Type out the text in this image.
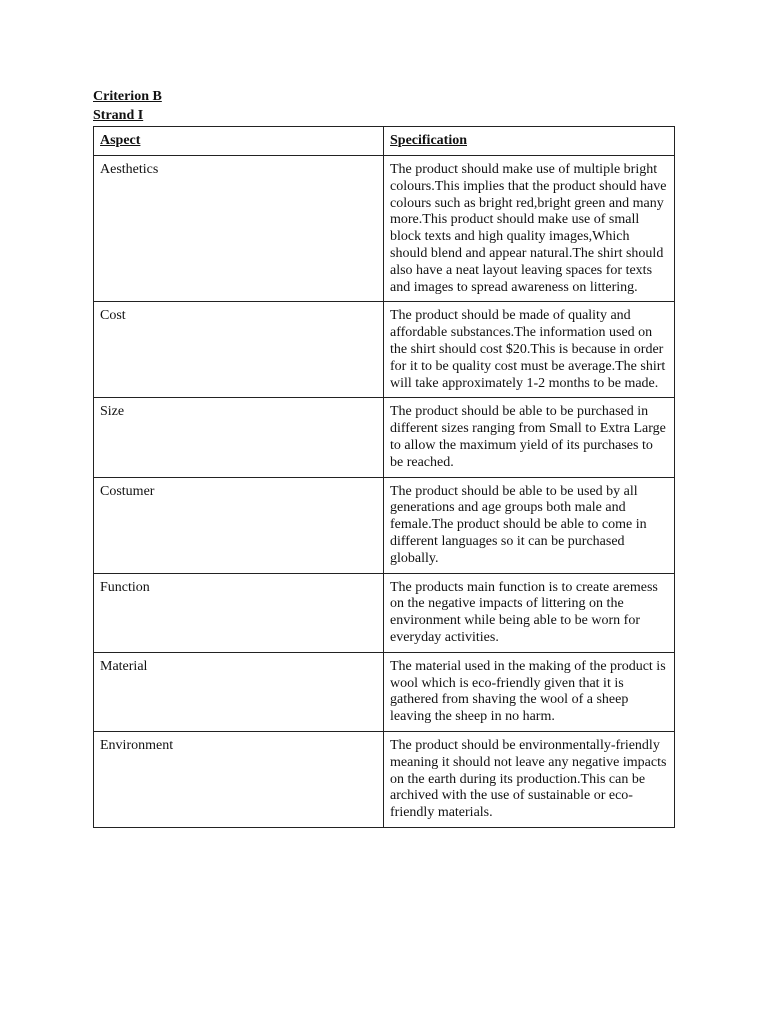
Criterion B

Strand I

Aspect	Specification
Aesthetics	The product should make use of multiple bright colours.This implies that the product should have colours such as bright red,bright green and many more.This product should make use of small block texts and high quality images,Which should blend and appear natural.The shirt should also have a neat layout leaving spaces for texts and images to spread awareness on littering.
Cost	The product should be made of quality and affordable substances.The information used on the shirt should cost $20.This is because in order for it to be quality cost must be average.The shirt will take approximately 1-2 months to be made.
Size	The product should be able to be purchased in different sizes ranging from Small to Extra Large to allow the maximum yield of its purchases to be reached.
Costumer	The product should be able to be used by all generations and age groups both male and female.The product should be able to come in different languages so it can be purchased globally.
Function	The products main function is to create aremess on the negative impacts of littering on the environment while being able to be worn for everyday activities.
Material	The material used in the making of the product is wool which is eco-friendly given that it is gathered from shaving the wool of a sheep leaving the sheep in no harm.
Environment	The product should be environmentally-friendly meaning it should not leave any negative impacts on the earth during its production.This can be archived with the use of sustainable or eco-friendly materials.
